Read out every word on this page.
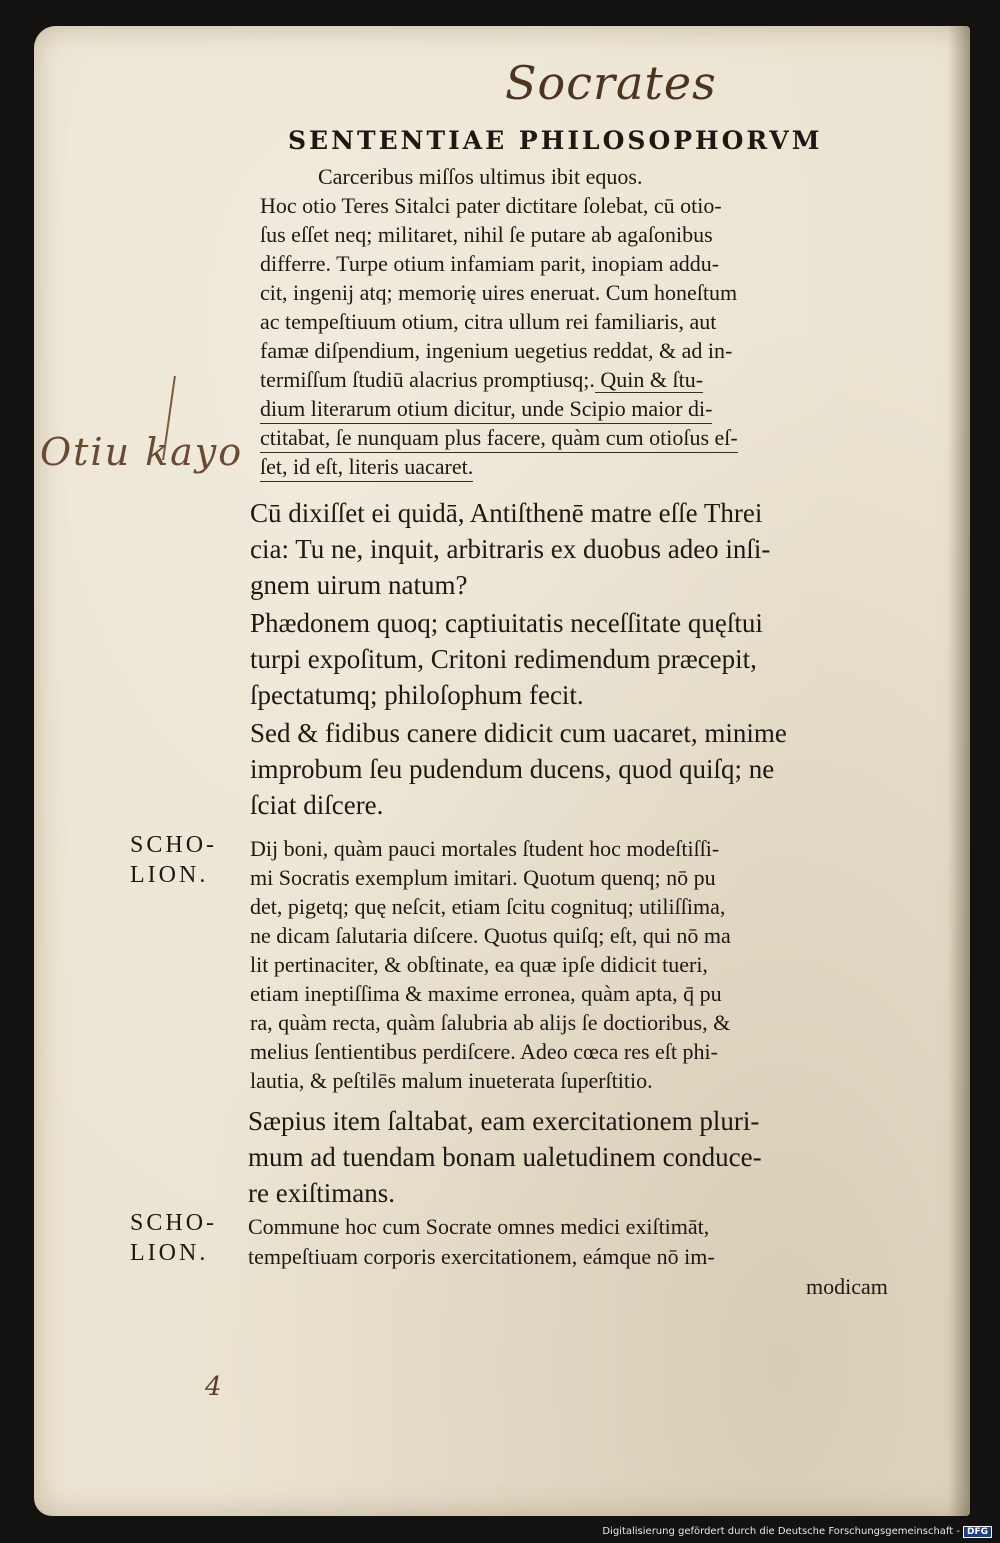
Socrates
Otiu kayo
4
SENTENTIAE PHILOSOPHORVM
Carceribus miſſos ultimus ibit equos.
Hoc otio Teres Sitalci pater dictitare ſolebat, cū otio-
ſus eſſet neq; militaret, nihil ſe putare ab agaſonibus
differre. Turpe otium infamiam parit, inopiam addu-
cit, ingenij atq; memorię uires eneruat. Cum honeſtum
ac tempeſtiuum otium, citra ullum rei familiaris, aut
famæ diſpendium, ingenium uegetius reddat, & ad in-
termiſſum ſtudiū alacrius promptiusq;. Quin & ſtu-
dium literarum otium dicitur, unde Scipio maior di-
ctitabat, ſe nunquam plus facere, quàm cum otioſus eſ-
ſet, id eſt, literis uacaret.
Cū dixiſſet ei quidā, Antiſthenē matre eſſe Threi
cia: Tu ne, inquit, arbitraris ex duobus adeo inſi-
gnem uirum natum?
Phædonem quoq; captiuitatis neceſſitate quęſtui
turpi expoſitum, Critoni redimendum præcepit,
ſpectatumq; philoſophum fecit.
Sed & fidibus canere didicit cum uacaret, minime
improbum ſeu pudendum ducens, quod quiſq; ne
ſciat diſcere.
SCHO-
LION.
Dij boni, quàm pauci mortales ſtudent hoc modeſtiſſi-
mi Socratis exemplum imitari. Quotum quenq; nō pu
det, pigetq; quę neſcit, etiam ſcitu cognituq; utiliſſima,
ne dicam ſalutaria diſcere. Quotus quiſq; eſt, qui nō ma
lit pertinaciter, & obſtinate, ea quæ ipſe didicit tueri,
etiam ineptiſſima & maxime erronea, quàm apta, q̄ pu
ra, quàm recta, quàm ſalubria ab alijs ſe doctioribus, &
melius ſentientibus perdiſcere. Adeo cœca res eſt phi-
lautia, & peſtilēs malum inueterata ſuperſtitio.
Sæpius item ſaltabat, eam exercitationem pluri-
mum ad tuendam bonam ualetudinem conduce-
re exiſtimans.
SCHO-
LION.
Commune hoc cum Socrate omnes medici exiſtimāt,
tempeſtiuam corporis exercitationem, eámque nō im-
modicam
Digitalisierung gefördert durch die Deutsche Forschungsgemeinschaft - DFG
